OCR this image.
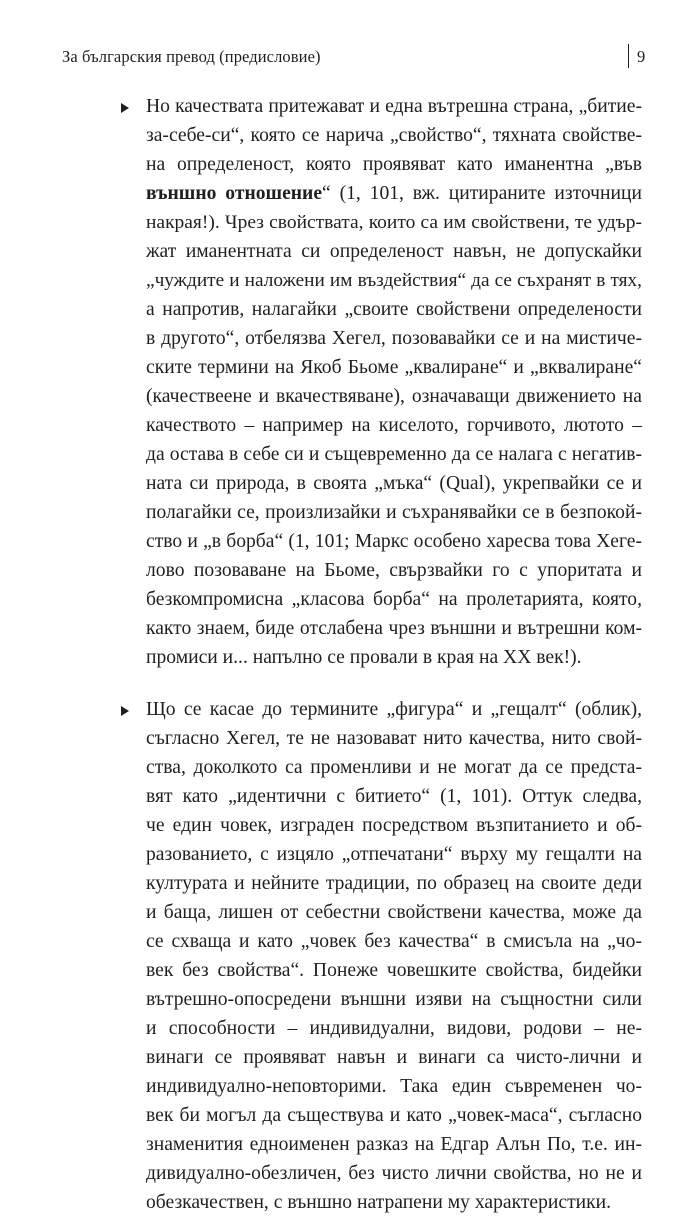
За българския превод (предисловие)	9
Но качествата притежават и една вътрешна страна, „битие-
за-себе-си“, която се нарича „свойство“, тяхната свойстве-
на определеност, която проявяват като иманентна „във
външно отношение“ (1, 101, вж. цитираните източници
накрая!). Чрез свойствата, които са им свойствени, те удър-
жат иманентната си определеност навън, не допускайки
„чуждите и наложени им въздействия“ да се съхранят в тях,
а напротив, налагайки „своите свойствени определености
в другото“, отбелязва Хегел, позовавайки се и на мистиче-
ските термини на Якоб Бьоме „квалиране“ и „вквалиране“
(качествеене и вкачествяване), означаващи движението на
качеството – например на киселото, горчивото, лютото –
да остава в себе си и същевременно да се налага с негатив-
ната си природа, в своята „мъка“ (Qual), укрепвайки се и
полагайки се, произлизайки и съхранявайки се в безпокой-
ство и „в борба“ (1, 101; Маркс особено харесва това Хеге-
лово позоваване на Бьоме, свързвайки го с упоритата и
безкомпромисна „класова борба“ на пролетарията, която,
както знаем, биде отслабена чрез външни и вътрешни ком-
промиси и... напълно се провали в края на ХХ век!).
Що се касае до термините „фигура“ и „гещалт“ (облик),
съгласно Хегел, те не назовават нито качества, нито свой-
ства, доколкото са променливи и не могат да се предста-
вят като „идентични с битието“ (1, 101). Оттук следва,
че един човек, изграден посредством възпитанието и об-
разованието, с изцяло „отпечатани“ върху му гещалти на
културата и нейните традиции, по образец на своите деди
и баща, лишен от себестни свойствени качества, може да
се схваща и като „човек без качества“ в смисъла на „чо-
век без свойства“. Понеже човешките свойства, бидейки
вътрешно-опосредени външни изяви на същностни сили
и способности – индивидуални, видови, родови – не-
винаги се проявяват навън и винаги са чисто-лични и
индивидуално-неповторими. Така един съвременен чо-
век би могъл да съществува и като „човек-маса“, съгласно
знаменития едноименен разказ на Едгар Алън По, т.е. ин-
дивидуално-обезличен, без чисто лични свойства, но не и
обезкачествен, с външно натрапени му характеристики.
